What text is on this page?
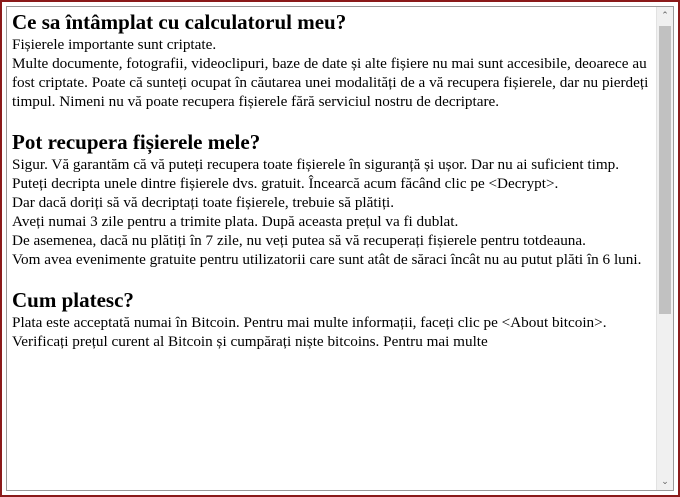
Ce sa întâmplat cu calculatorul meu?

Fișierele importante sunt criptate.

Multe documente, fotografii, videoclipuri, baze de date și alte fișiere nu mai sunt accesibile, deoarece au fost criptate. Poate că sunteți ocupat în căutarea unei modalități de a vă recupera fișierele, dar nu pierdeți timpul. Nimeni nu vă poate recupera fișierele fără serviciul nostru de decriptare.

Pot recupera fișierele mele?

Sigur. Vă garantăm că vă puteți recupera toate fișierele în siguranță și ușor. Dar nu ai suficient timp.

Puteți decripta unele dintre fișierele dvs. gratuit. Încearcă acum făcând clic pe <Decrypt>.

Dar dacă doriți să vă decriptați toate fișierele, trebuie să plătiți.

Aveți numai 3 zile pentru a trimite plata. După aceasta prețul va fi dublat.

De asemenea, dacă nu plătiți în 7 zile, nu veți putea să vă recuperați fișierele pentru totdeauna.

Vom avea evenimente gratuite pentru utilizatorii care sunt atât de săraci încât nu au putut plăti în 6 luni.

Cum platesc?

Plata este acceptată numai în Bitcoin. Pentru mai multe informații, faceți clic pe <About bitcoin>.

Verificați prețul curent al Bitcoin și cumpărați niște bitcoins. Pentru mai multe

⌃
⌄
